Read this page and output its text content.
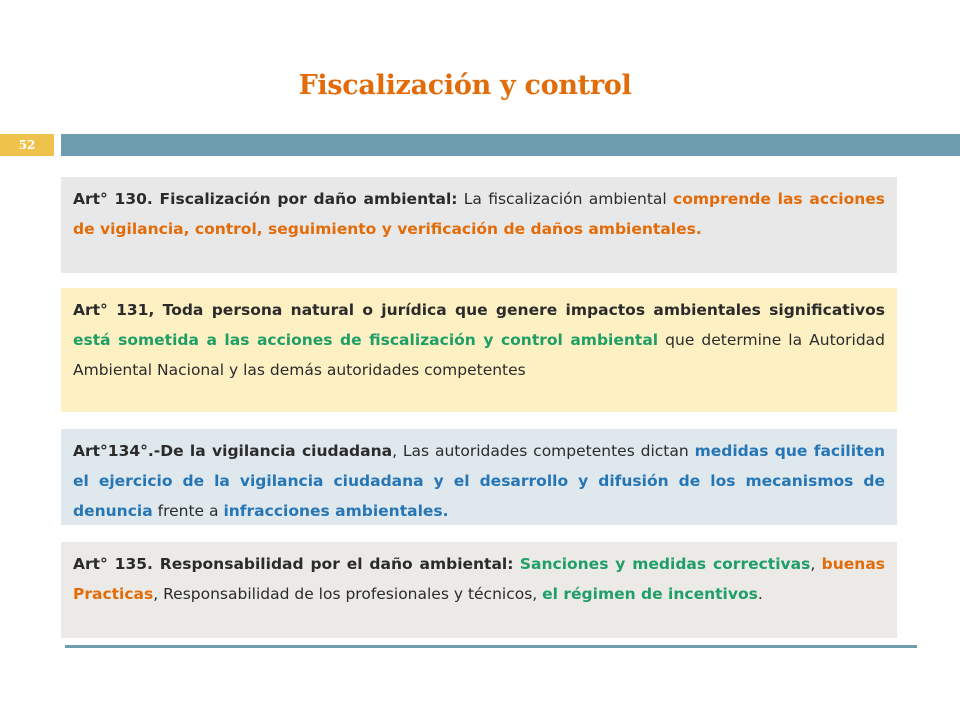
Fiscalización y control
52
Art° 130. Fiscalización por daño ambiental: La fiscalización ambiental comprende las acciones de vigilancia, control, seguimiento y verificación de daños ambientales.
Art° 131, Toda persona natural o jurídica que genere impactos ambientales significativos está sometida a las acciones de fiscalización y control ambiental que determine la Autoridad Ambiental Nacional y las demás autoridades competentes
Art°134°.-De la vigilancia ciudadana, Las autoridades competentes dictan medidas que faciliten el ejercicio de la vigilancia ciudadana y el desarrollo y difusión de los mecanismos de denuncia frente a infracciones ambientales.
Art° 135. Responsabilidad por el daño ambiental: Sanciones y medidas correctivas, buenas Practicas, Responsabilidad de los profesionales y técnicos, el régimen de incentivos.
